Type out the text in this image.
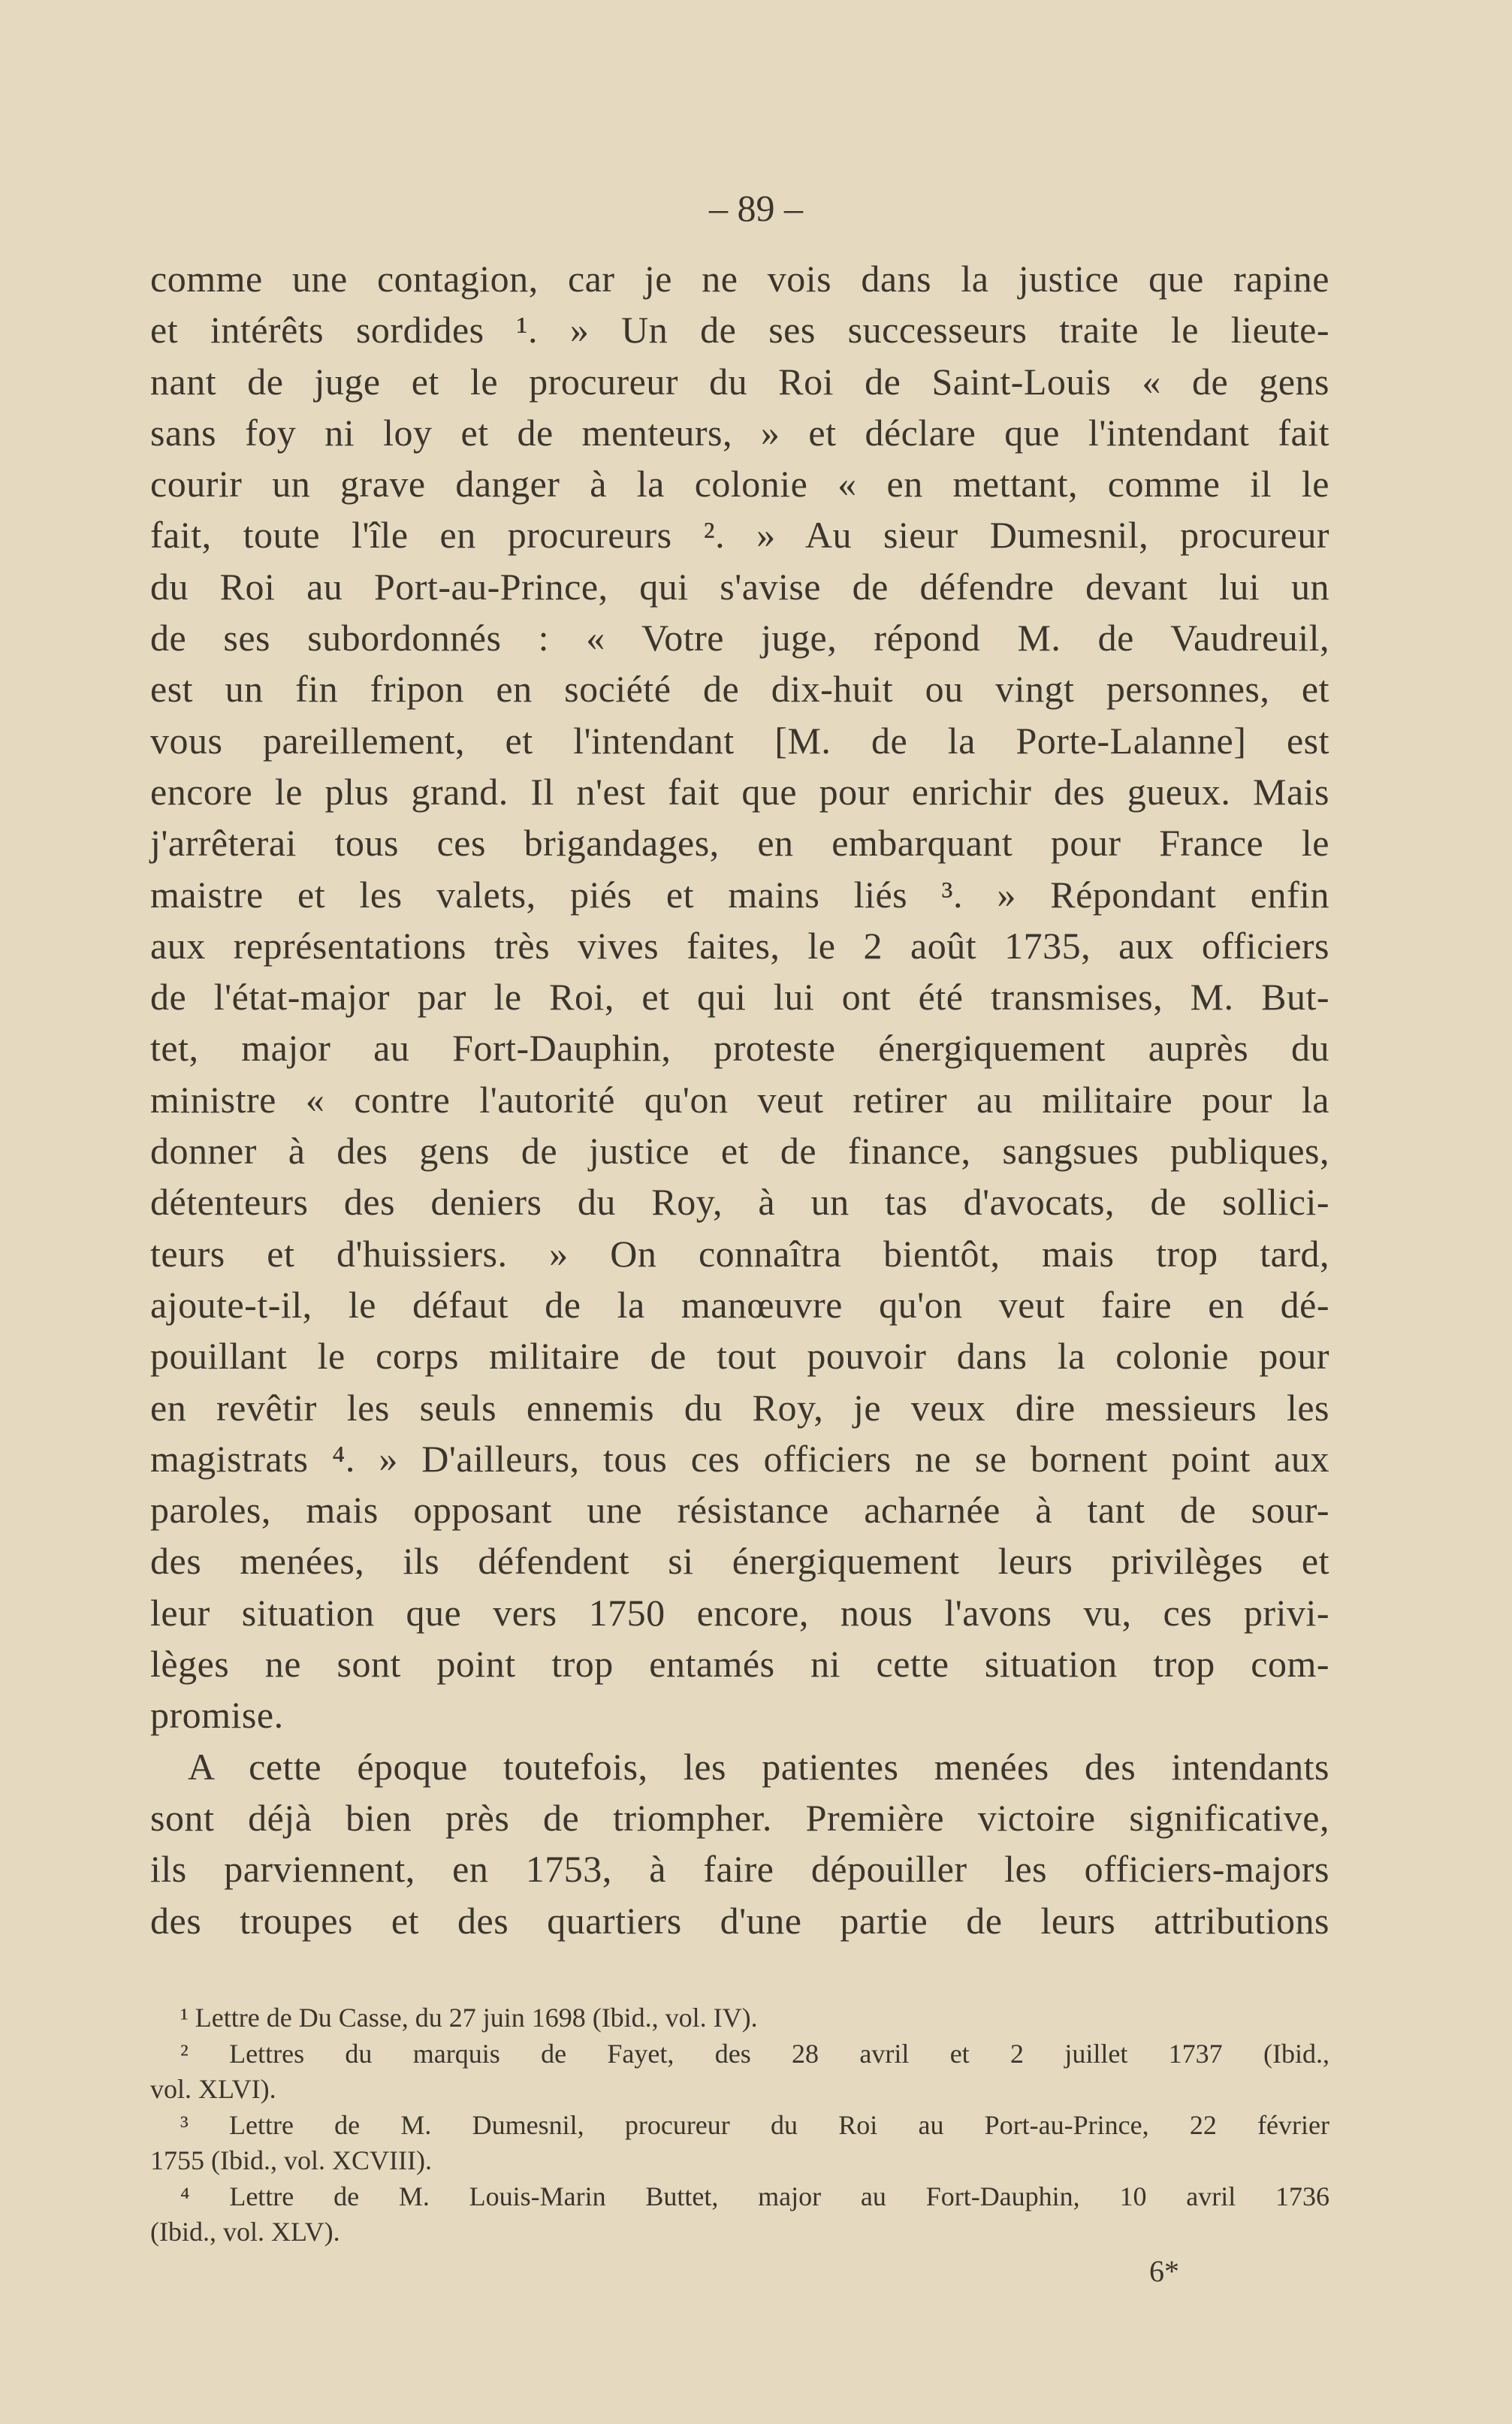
– 89 –
comme une contagion, car je ne vois dans la justice que rapine
et intérêts sordides ¹. » Un de ses successeurs traite le lieute-
nant de juge et le procureur du Roi de Saint-Louis « de gens
sans foy ni loy et de menteurs, » et déclare que l'intendant fait
courir un grave danger à la colonie « en mettant, comme il le
fait, toute l'île en procureurs ². » Au sieur Dumesnil, procureur
du Roi au Port-au-Prince, qui s'avise de défendre devant lui un
de ses subordonnés : « Votre juge, répond M. de Vaudreuil,
est un fin fripon en société de dix-huit ou vingt personnes, et
vous pareillement, et l'intendant [M. de la Porte-Lalanne] est
encore le plus grand. Il n'est fait que pour enrichir des gueux. Mais
j'arrêterai tous ces brigandages, en embarquant pour France le
maistre et les valets, piés et mains liés ³. » Répondant enfin
aux représentations très vives faites, le 2 août 1735, aux officiers
de l'état-major par le Roi, et qui lui ont été transmises, M. But-
tet, major au Fort-Dauphin, proteste énergiquement auprès du
ministre « contre l'autorité qu'on veut retirer au militaire pour la
donner à des gens de justice et de finance, sangsues publiques,
détenteurs des deniers du Roy, à un tas d'avocats, de sollici-
teurs et d'huissiers. » On connaîtra bientôt, mais trop tard,
ajoute-t-il, le défaut de la manœuvre qu'on veut faire en dé-
pouillant le corps militaire de tout pouvoir dans la colonie pour
en revêtir les seuls ennemis du Roy, je veux dire messieurs les
magistrats ⁴. » D'ailleurs, tous ces officiers ne se bornent point aux
paroles, mais opposant une résistance acharnée à tant de sour-
des menées, ils défendent si énergiquement leurs privilèges et
leur situation que vers 1750 encore, nous l'avons vu, ces privi-
lèges ne sont point trop entamés ni cette situation trop com-
promise.
A cette époque toutefois, les patientes menées des intendants
sont déjà bien près de triompher. Première victoire significative,
ils parviennent, en 1753, à faire dépouiller les officiers-majors
des troupes et des quartiers d'une partie de leurs attributions
¹ Lettre de Du Casse, du 27 juin 1698 (Ibid., vol. IV).
² Lettres du marquis de Fayet, des 28 avril et 2 juillet 1737 (Ibid.,
vol. XLVI).
³ Lettre de M. Dumesnil, procureur du Roi au Port-au-Prince, 22 février
1755 (Ibid., vol. XCVIII).
⁴ Lettre de M. Louis-Marin Buttet, major au Fort-Dauphin, 10 avril 1736
(Ibid., vol. XLV).
6*
